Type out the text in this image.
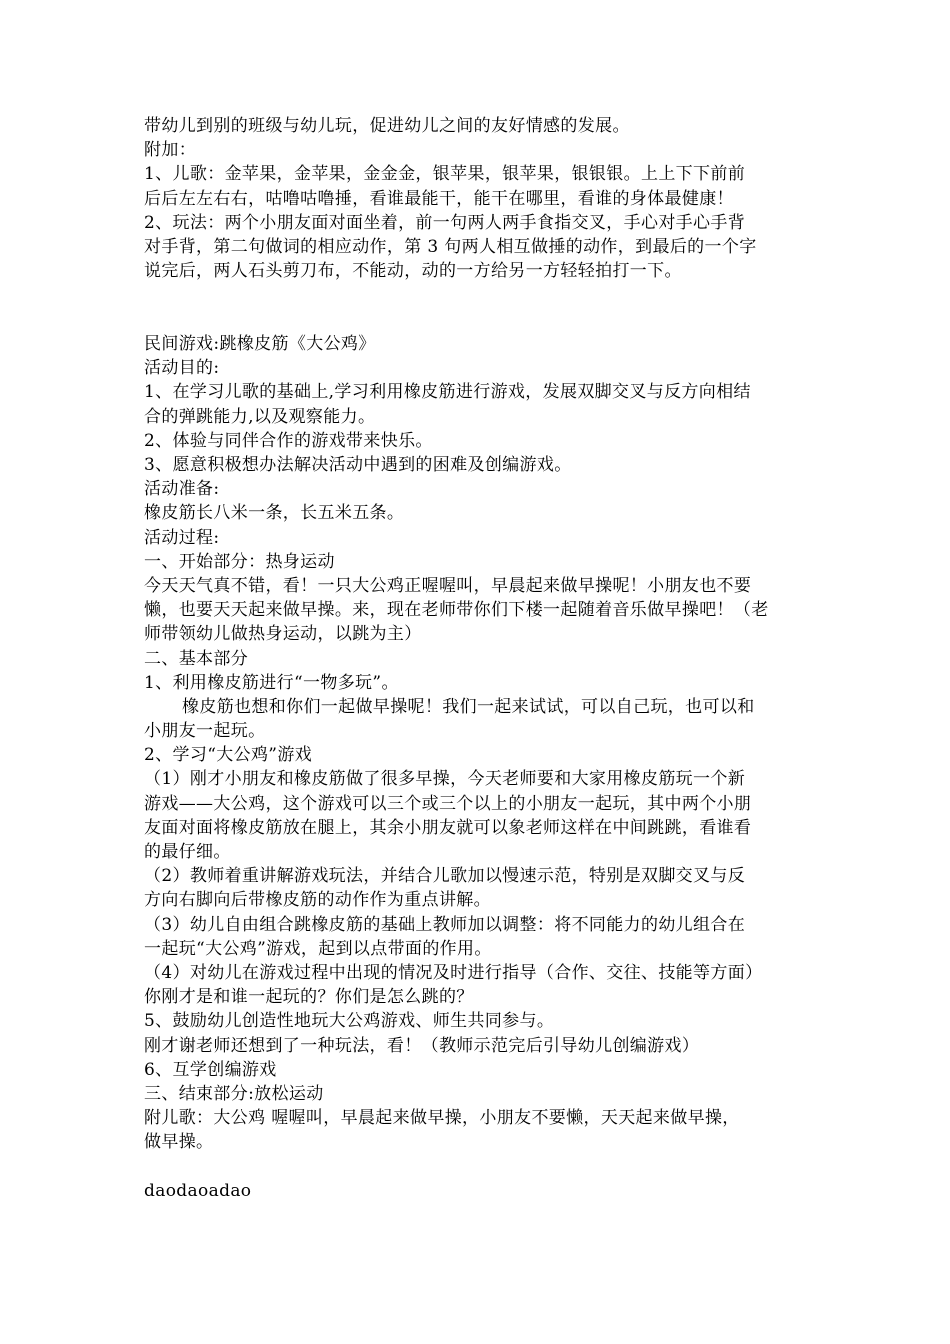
带幼儿到别的班级与幼儿玩，促进幼儿之间的友好情感的发展。
附加：
1、儿歌：金苹果，金苹果，金金金，银苹果，银苹果，银银银。上上下下前前
后后左左右右，咕噜咕噜捶，看谁最能干，能干在哪里，看谁的身体最健康！
2、玩法：两个小朋友面对面坐着，前一句两人两手食指交叉，手心对手心手背
对手背，第二句做词的相应动作，第 3 句两人相互做捶的动作，到最后的一个字
说完后，两人石头剪刀布，不能动，动的一方给另一方轻轻拍打一下。
民间游戏:跳橡皮筋《大公鸡》
活动目的:
1、在学习儿歌的基础上,学习利用橡皮筋进行游戏，发展双脚交叉与反方向相结
合的弹跳能力,以及观察能力。
2、体验与同伴合作的游戏带来快乐。
3、愿意积极想办法解决活动中遇到的困难及创编游戏。
活动准备:
橡皮筋长八米一条，长五米五条。
活动过程:
一、开始部分：热身运动
今天天气真不错，看！一只大公鸡正喔喔叫，早晨起来做早操呢！小朋友也不要
懒，也要天天起来做早操。来，现在老师带你们下楼一起随着音乐做早操吧！（老
师带领幼儿做热身运动，以跳为主）
二、基本部分
1、利用橡皮筋进行“一物多玩”。
橡皮筋也想和你们一起做早操呢！我们一起来试试，可以自己玩，也可以和
小朋友一起玩。
2、学习“大公鸡”游戏
（1）刚才小朋友和橡皮筋做了很多早操，今天老师要和大家用橡皮筋玩一个新
游戏——大公鸡，这个游戏可以三个或三个以上的小朋友一起玩，其中两个小朋
友面对面将橡皮筋放在腿上，其余小朋友就可以象老师这样在中间跳跳，看谁看
的最仔细。
（2）教师着重讲解游戏玩法，并结合儿歌加以慢速示范，特别是双脚交叉与反
方向右脚向后带橡皮筋的动作作为重点讲解。
（3）幼儿自由组合跳橡皮筋的基础上教师加以调整：将不同能力的幼儿组合在
一起玩“大公鸡”游戏，起到以点带面的作用。
（4）对幼儿在游戏过程中出现的情况及时进行指导（合作、交往、技能等方面）
你刚才是和谁一起玩的？你们是怎么跳的？
5、鼓励幼儿创造性地玩大公鸡游戏、师生共同参与。
刚才谢老师还想到了一种玩法，看！（教师示范完后引导幼儿创编游戏）
6、互学创编游戏
三、结束部分:放松运动
附儿歌：大公鸡 喔喔叫，早晨起来做早操，小朋友不要懒，天天起来做早操，
做早操。
daodaoadao
